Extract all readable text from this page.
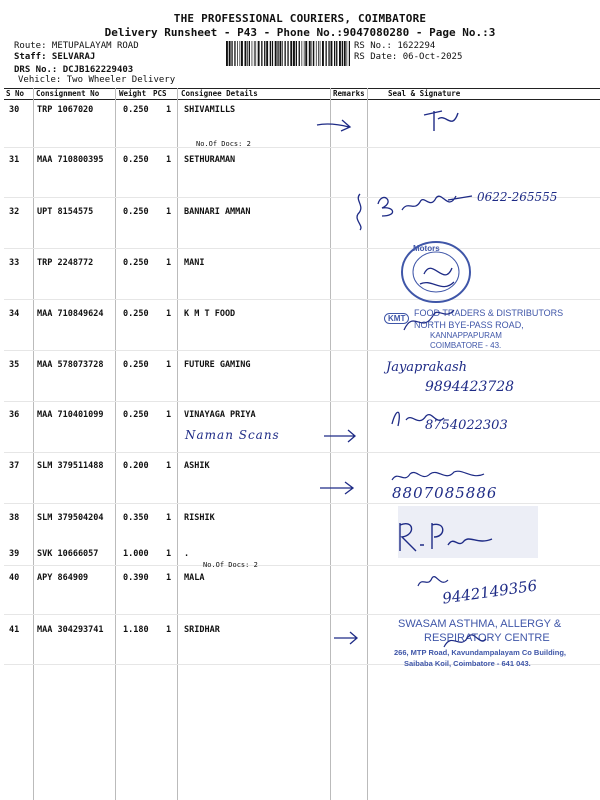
THE PROFESSIONAL COURIERS, COIMBATORE
Delivery Runsheet - P43 - Phone No.:9047080280 - Page No.:3
Route: METUPALAYAM ROAD
Staff: SELVARAJ
DRS No.: DCJB162229403
Vehicle: Two Wheeler Delivery
RS No.: 1622294
RS Date: 06-Oct-2025
S No Consignment No	Weight PCS Consignee Details	Remarks	Seal & Signature
30 TRP 1067020	0.250 1 SHIVAMILLS
No.Of Docs: 2
31 MAA 710800395 0.250 1 SETHURAMAN
32 UPT 8154575	0.250 1 BANNARI AMMAN
33 TRP 2248772	0.250 1 MANI
34 MAA 710849624 0.250 1 K M T FOOD
35 MAA 578073728 0.250 1 FUTURE GAMING
36 MAA 710401099 0.250 1 VINAYAGA PRIYA
37 SLM 379511488 0.200 1 ASHIK
38 SLM 379504204 0.350 1 RISHIK
39 SVK 10666057	1.000 1 .
No.Of Docs: 2
40 APY 864909	0.390 1 MALA
41 MAA 304293741 1.180 1 SRIDHAR
0622-265555
Motors
KMT
FOOD TRADERS & DISTRIBUTORS
NORTH BYE-PASS ROAD,
KANNAPPAPURAM
COIMBATORE - 43.
Jayaprakash
9894423728
Naman Scans
8754022303
8807085886
9442149356
SWASAM ASTHMA, ALLERGY &
RESPIRATORY CENTRE
266, MTP Road, Kavundampalayam Co Building,
Saibaba Koil, Coimbatore - 641 043.
